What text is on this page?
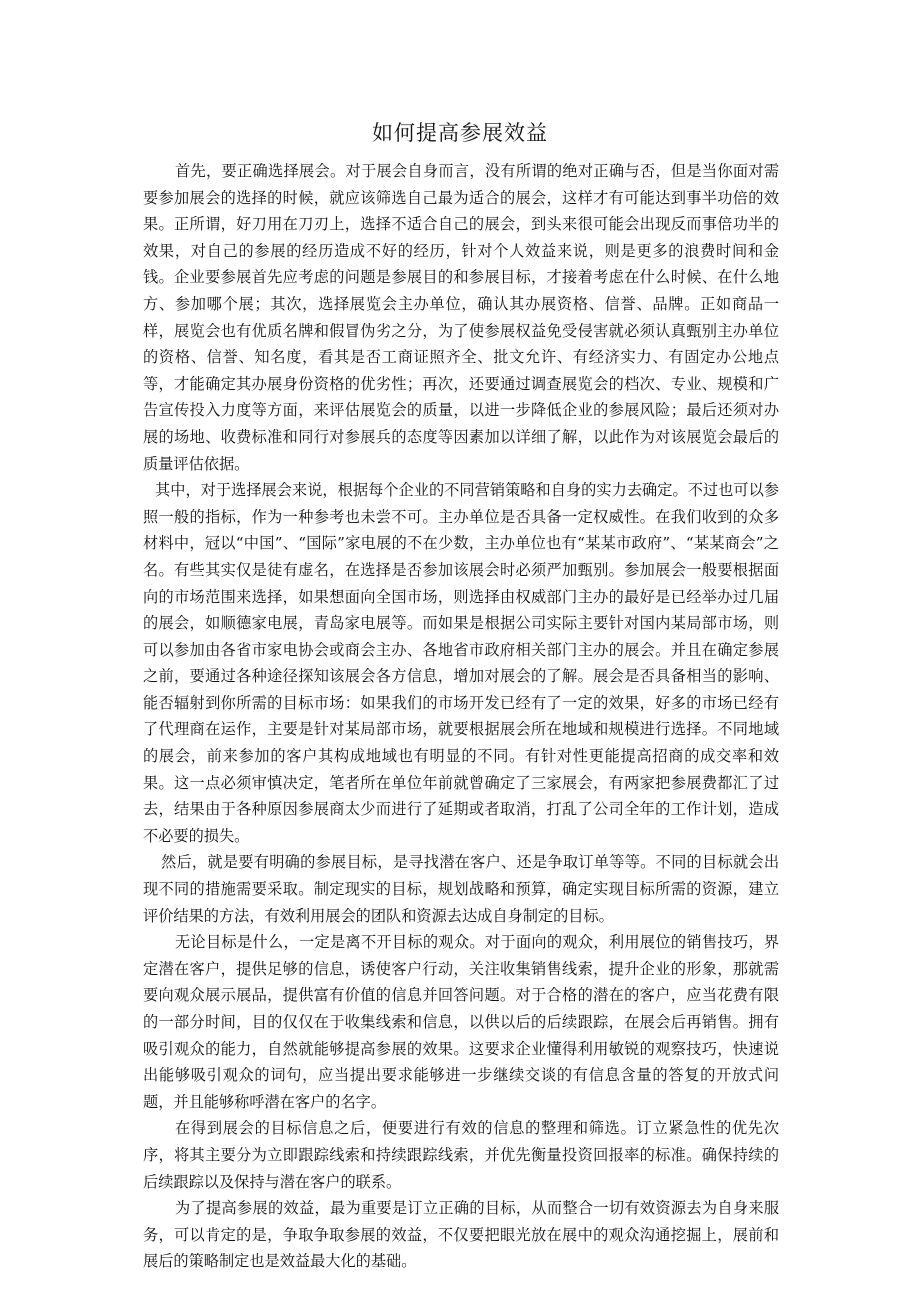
如何提高参展效益

首先，要正确选择展会。对于展会自身而言，没有所谓的绝对正确与否，但是当你面对需要参加展会的选择的时候，就应该筛选自己最为适合的展会，这样才有可能达到事半功倍的效果。正所谓，好刀用在刀刃上，选择不适合自己的展会，到头来很可能会出现反而事倍功半的效果，对自己的参展的经历造成不好的经历，针对个人效益来说，则是更多的浪费时间和金钱。企业要参展首先应考虑的问题是参展目的和参展目标，才接着考虑在什么时候、在什么地方、参加哪个展；其次，选择展览会主办单位，确认其办展资格、信誉、品牌。正如商品一样，展览会也有优质名牌和假冒伪劣之分，为了使参展权益免受侵害就必须认真甄别主办单位的资格、信誉、知名度，看其是否工商证照齐全、批文允许、有经济实力、有固定办公地点等，才能确定其办展身份资格的优劣性；再次，还要通过调查展览会的档次、专业、规模和广告宣传投入力度等方面，来评估展览会的质量，以进一步降低企业的参展风险；最后还须对办展的场地、收费标准和同行对参展兵的态度等因素加以详细了解，以此作为对该展览会最后的质量评估依据。

其中，对于选择展会来说，根据每个企业的不同营销策略和自身的实力去确定。不过也可以参照一般的指标，作为一种参考也未尝不可。主办单位是否具备一定权威性。在我们收到的众多材料中，冠以“中国”、“国际”家电展的不在少数，主办单位也有“某某市政府”、“某某商会”之名。有些其实仅是徒有虚名，在选择是否参加该展会时必须严加甄别。参加展会一般要根据面向的市场范围来选择，如果想面向全国市场，则选择由权威部门主办的最好是已经举办过几届的展会，如顺德家电展，青岛家电展等。而如果是根据公司实际主要针对国内某局部市场，则可以参加由各省市家电协会或商会主办、各地省市政府相关部门主办的展会。并且在确定参展之前，要通过各种途径探知该展会各方信息，增加对展会的了解。展会是否具备相当的影响、能否辐射到你所需的目标市场：如果我们的市场开发已经有了一定的效果，好多的市场已经有了代理商在运作，主要是针对某局部市场，就要根据展会所在地域和规模进行选择。不同地域的展会，前来参加的客户其构成地域也有明显的不同。有针对性更能提高招商的成交率和效果。这一点必须审慎决定，笔者所在单位年前就曾确定了三家展会，有两家把参展费都汇了过去，结果由于各种原因参展商太少而进行了延期或者取消，打乱了公司全年的工作计划，造成不必要的损失。

然后，就是要有明确的参展目标，是寻找潜在客户、还是争取订单等等。不同的目标就会出现不同的措施需要采取。制定现实的目标，规划战略和预算，确定实现目标所需的资源，建立评价结果的方法，有效利用展会的团队和资源去达成自身制定的目标。

无论目标是什么，一定是离不开目标的观众。对于面向的观众，利用展位的销售技巧，界定潜在客户，提供足够的信息，诱使客户行动，关注收集销售线索，提升企业的形象，那就需要向观众展示展品，提供富有价值的信息并回答问题。对于合格的潜在的客户，应当花费有限的一部分时间，目的仅仅在于收集线索和信息，以供以后的后续跟踪，在展会后再销售。拥有吸引观众的能力，自然就能够提高参展的效果。这要求企业懂得利用敏锐的观察技巧，快速说出能够吸引观众的词句，应当提出要求能够进一步继续交谈的有信息含量的答复的开放式问题，并且能够称呼潜在客户的名字。

在得到展会的目标信息之后，便要进行有效的信息的整理和筛选。订立紧急性的优先次序，将其主要分为立即跟踪线索和持续跟踪线索，并优先衡量投资回报率的标准。确保持续的后续跟踪以及保持与潜在客户的联系。

为了提高参展的效益，最为重要是订立正确的目标，从而整合一切有效资源去为自身来服务，可以肯定的是，争取争取参展的效益，不仅要把眼光放在展中的观众沟通挖掘上，展前和展后的策略制定也是效益最大化的基础。
